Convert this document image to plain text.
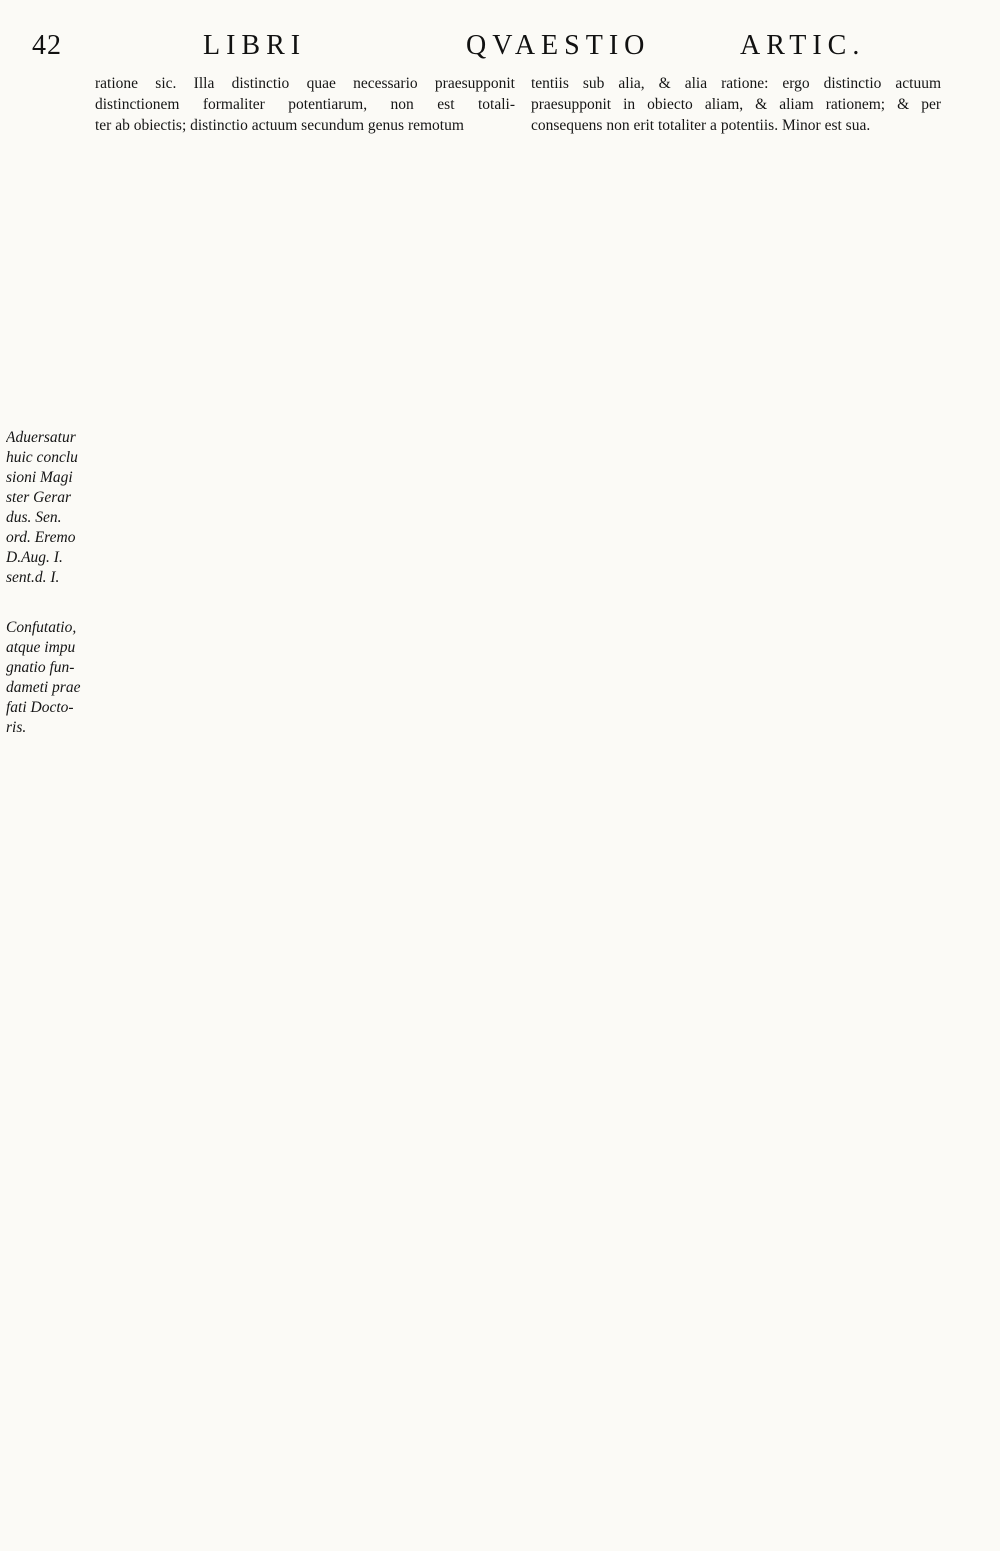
42	LIBRI	QVAESTIO	ARTIC.
Aduersatur
huic conclu
sioni Magi
ster Gerar
dus. Sen.
ord. Eremo
D.Aug. I.
sent.d. I.
Confutatio,
atque impu
gnatio fun-
dameti prae
fati Docto-
ris.
ratione sic. Illa distinctio quae necessario praesupponit
distinctionem formaliter potentiarum, non est totali-
ter ab obiectis; distinctio actuum secundum genus remotum
tentiis sub alia, & alia ratione: ergo distinctio actuum
praesupponit in obiecto aliam, & aliam rationem; & per
consequens non erit totaliter a potentiis. Minor est sua.
